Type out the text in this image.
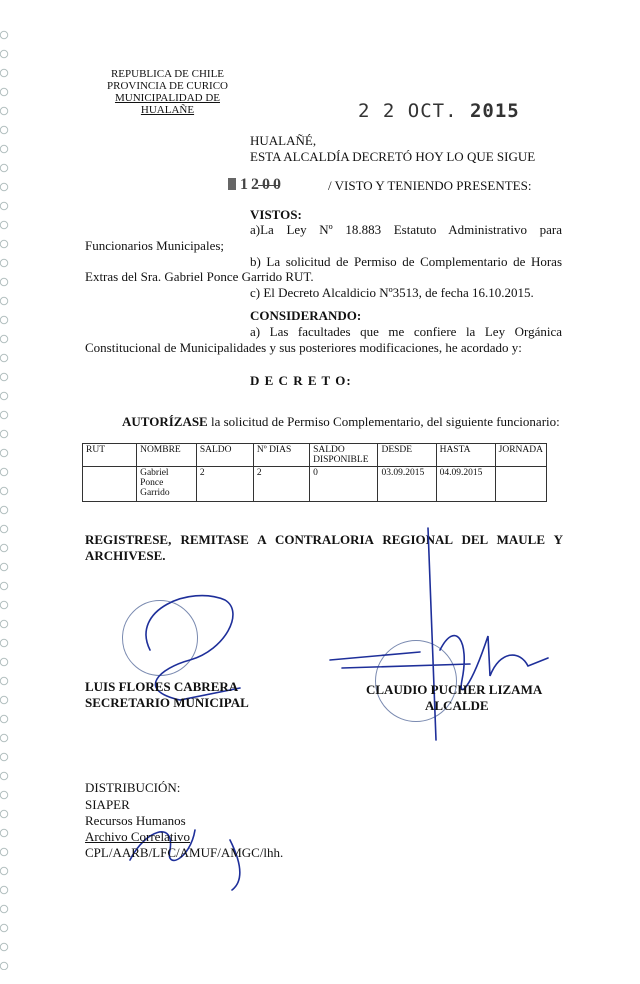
REPUBLICA DE CHILE
PROVINCIA DE CURICO
MUNICIPALIDAD DE HUALAÑE	2 2 OCT. 2015
HUALAÑÉ,
ESTA ALCALDÍA DECRETÓ HOY LO QUE SIGUE
1200	/ VISTO Y TENIENDO PRESENTES:
VISTOS:
a)La Ley Nº 18.883 Estatuto Administrativo para
Funcionarios Municipales;
b) La solicitud de Permiso de Complementario de Horas
Extras del Sra. Gabriel Ponce Garrido RUT.
c) El Decreto Alcaldicio Nº3513, de fecha 16.10.2015.
CONSIDERANDO:
a) Las facultades que me confiere la Ley Orgánica
Constitucional de Municipalidades y sus posteriores modificaciones, he acordado y:
D E C R E T O:
AUTORÍZASE la solicitud de Permiso Complementario, del siguiente funcionario:
RUT	NOMBRE	SALDO	Nº DIAS	SALDO DISPONIBLE	DESDE	HASTA	JORNADA
	Gabriel Ponce Garrido	2	2	0	03.09.2015	04.09.2015	
REGISTRESE, REMITASE A CONTRALORIA REGIONAL DEL MAULE Y
ARCHIVESE.
LUIS FLORES CABRERA
SECRETARIO MUNICIPAL
CLAUDIO PUCHER LIZAMA
ALCALDE
DISTRIBUCIÓN:
SIAPER
Recursos Humanos
Archivo Correlativo
CPL/AARB/LFC/AMUF/AMGC/lhh.
